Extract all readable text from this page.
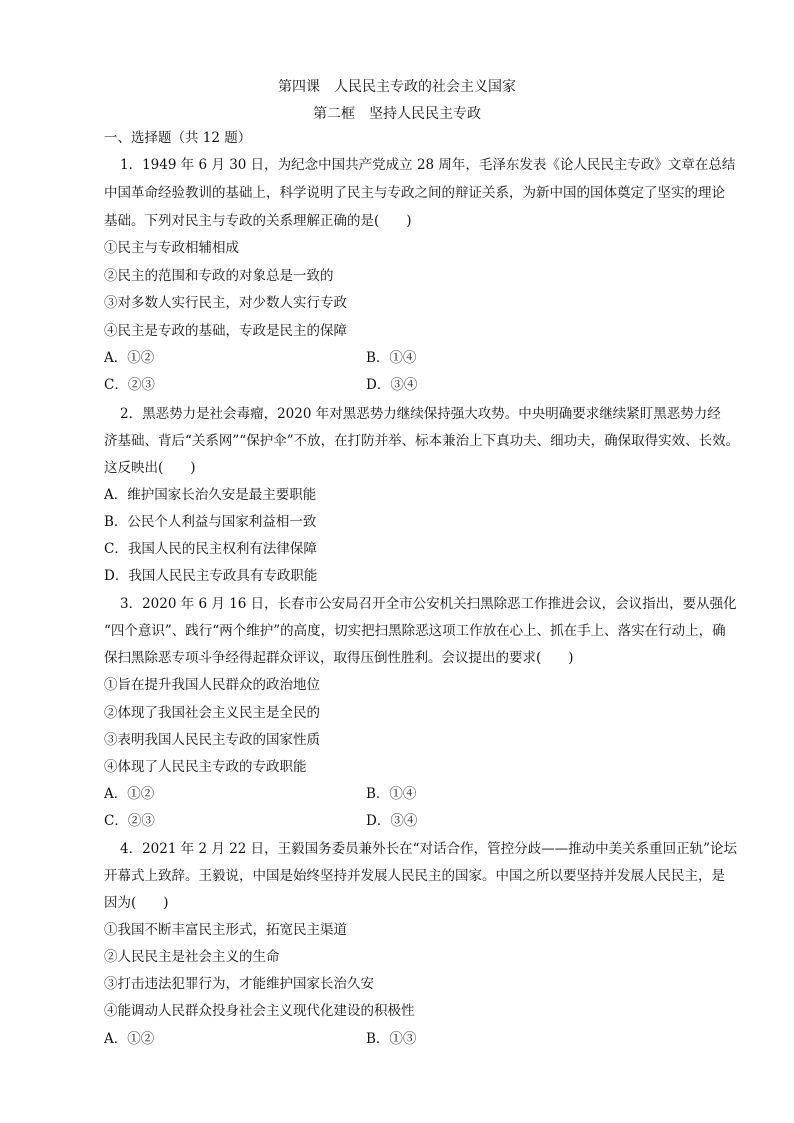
第四课　人民民主专政的社会主义国家
第二框　坚持人民民主专政
一、选择题（共 12 题）
1．1949 年 6 月 30 日，为纪念中国共产党成立 28 周年，毛泽东发表《论人民民主专政》文章在总结
中国革命经验教训的基础上，科学说明了民主与专政之间的辩证关系，为新中国的国体奠定了坚实的理论
基础。下列对民主与专政的关系理解正确的是(　　)
①民主与专政相辅相成
②民主的范围和专政的对象总是一致的
③对多数人实行民主，对少数人实行专政
④民主是专政的基础，专政是民主的保障
A．①②	B．①④
C．②③	D．③④
2．黑恶势力是社会毒瘤，2020 年对黑恶势力继续保持强大攻势。中央明确要求继续紧盯黑恶势力经
济基础、背后“关系网”“保护伞”不放，在打防并举、标本兼治上下真功夫、细功夫，确保取得实效、长效。
这反映出(　　)
A．维护国家长治久安是最主要职能
B．公民个人利益与国家利益相一致
C．我国人民的民主权利有法律保障
D．我国人民民主专政具有专政职能
3．2020 年 6 月 16 日，长春市公安局召开全市公安机关扫黑除恶工作推进会议，会议指出，要从强化
“四个意识”、践行“两个维护”的高度，切实把扫黑除恶这项工作放在心上、抓在手上、落实在行动上，确
保扫黑除恶专项斗争经得起群众评议，取得压倒性胜利。会议提出的要求(　　)
①旨在提升我国人民群众的政治地位
②体现了我国社会主义民主是全民的
③表明我国人民民主专政的国家性质
④体现了人民民主专政的专政职能
A．①②	B．①④
C．②③	D．③④
4．2021 年 2 月 22 日，王毅国务委员兼外长在“对话合作，管控分歧——推动中美关系重回正轨”论坛
开幕式上致辞。王毅说，中国是始终坚持并发展人民民主的国家。中国之所以要坚持并发展人民民主，是
因为(　　)
①我国不断丰富民主形式，拓宽民主渠道
②人民民主是社会主义的生命
③打击违法犯罪行为，才能维护国家长治久安
④能调动人民群众投身社会主义现代化建设的积极性
A．①②	B．①③
